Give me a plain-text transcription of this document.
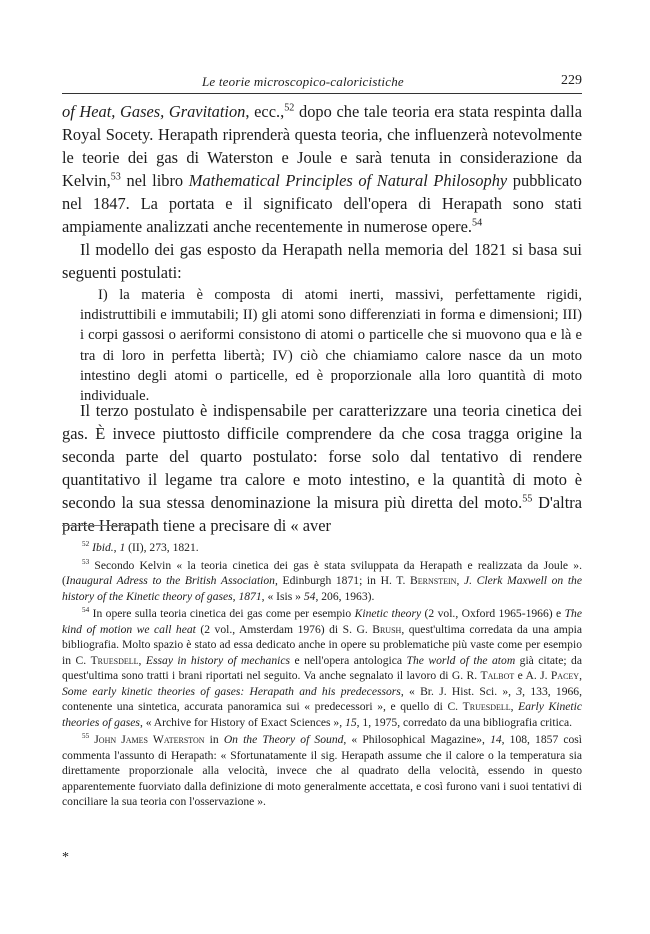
Le teorie microscopico-caloricistiche	229

of Heat, Gases, Gravitation, ecc.,$^{52}$ dopo che tale teoria era stata respinta dalla Royal Socety. Herapath riprenderà questa teoria, che influenzerà notevolmente le teorie dei gas di Waterston e Joule e sarà tenuta in considerazione da Kelvin,$^{53}$ nel libro Mathematical Principles of Natural Philosophy pubblicato nel 1847. La portata e il significato dell'opera di Herapath sono stati ampiamente analizzati anche recentemente in numerose opere.$^{54}$

Il modello dei gas esposto da Herapath nella memoria del 1821 si basa sui seguenti postulati:

I) la materia è composta di atomi inerti, massivi, perfettamente rigidi, indistruttibili e immutabili; II) gli atomi sono differenziati in forma e dimensioni; III) i corpi gassosi o aeriformi consistono di atomi o particelle che si muovono qua e là e tra di loro in perfetta libertà; IV) ciò che chiamiamo calore nasce da un moto intestino degli atomi o particelle, ed è proporzionale alla loro quantità di moto individuale.

Il terzo postulato è indispensabile per caratterizzare una teoria cinetica dei gas. È invece piuttosto difficile comprendere da che cosa tragga origine la seconda parte del quarto postulato: forse solo dal tentativo di rendere quantitativo il legame tra calore e moto intestino, e la quantità di moto è secondo la sua stessa denominazione la misura più diretta del moto.$^{55}$ D'altra parte Herapath tiene a precisare di « aver

$^{52}$ Ibid., 1 (II), 273, 1821.

$^{53}$ Secondo Kelvin « la teoria cinetica dei gas è stata sviluppata da Herapath e realizzata da Joule ». (Inaugural Adress to the British Association, Edinburgh 1871; in H. T. Bernstein, J. Clerk Maxwell on the history of the Kinetic theory of gases, 1871, « Isis » 54, 206, 1963).

$^{54}$ In opere sulla teoria cinetica dei gas come per esempio Kinetic theory (2 vol., Oxford 1965-1966) e The kind of motion we call heat (2 vol., Amsterdam 1976) di S. G. Brush, quest'ultima corredata da una ampia bibliografia. Molto spazio è stato ad essa dedicato anche in opere su problematiche più vaste come per esempio in C. Truesdell, Essay in history of mechanics e nell'opera antologica The world of the atom già citate; da quest'ultima sono tratti i brani riportati nel seguito. Va anche segnalato il lavoro di G. R. Talbot e A. J. Pacey, Some early kinetic theories of gases: Herapath and his predecessors, « Br. J. Hist. Sci. », 3, 133, 1966, contenente una sintetica, accurata panoramica sui « predecessori », e quello di C. Truesdell, Early Kinetic theories of gases, « Archive for History of Exact Sciences », 15, 1, 1975, corredato da una bibliografia critica.

$^{55}$ John James Waterston in On the Theory of Sound, « Philosophical Magazine», 14, 108, 1857 così commenta l'assunto di Herapath: « Sfortunatamente il sig. Herapath assume che il calore o la temperatura sia direttamente proporzionale alla velocità, invece che al quadrato della velocità, essendo in questo apparentemente fuorviato dalla definizione di moto generalmente accettata, e così furono vani i suoi tentativi di conciliare la sua teoria con l'osservazione ».

*
